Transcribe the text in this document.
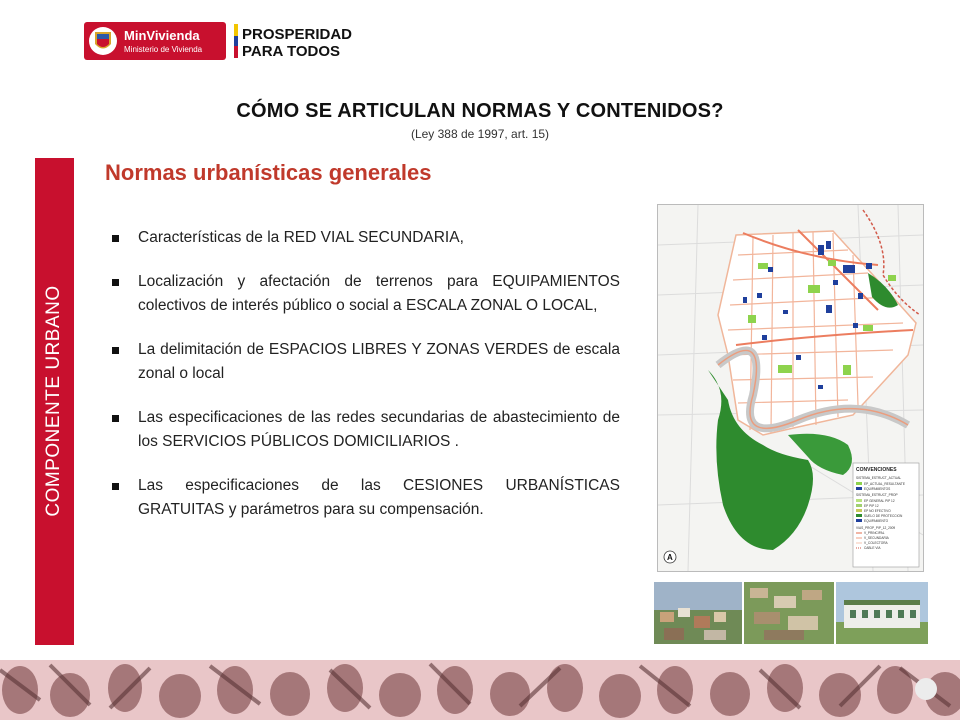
MinVivienda
Ministerio de Vivienda
PROSPERIDAD
PARA TODOS
CÓMO SE ARTICULAN NORMAS Y CONTENIDOS?
(Ley 388 de 1997, art. 15)
COMPONENTE URBANO
Normas urbanísticas generales
Características de la RED VIAL SECUNDARIA,
Localización y afectación de terrenos para EQUIPAMIENTOS colectivos de interés público o social a ESCALA ZONAL O LOCAL,
La delimitación de ESPACIOS LIBRES Y ZONAS VERDES de escala zonal o local
Las especificaciones de las redes secundarias de abastecimiento de los SERVICIOS PÚBLICOS DOMICILIARIOS .
Las especificaciones de las CESIONES URBANÍSTICAS GRATUITAS y parámetros para su compensación.
CONVENCIONES
SISTEMA_ESTRUCT_ACTUAL
EP_ACTUAL_RESULTANTE
EQUIPAMIENTOS
SISTEMA_ESTRUCT_PROP
EP GENERAL PIP 12
EP PIP 12
EP NO EFECTIVO
SUELO DE PROTECCION
EQUIPAMIENTO
VIAS_PROP_PIP_12_2009
V_PRINCIPAL
V_SECUNDARIA
V_COLECTORA
CABLE VIA
A
